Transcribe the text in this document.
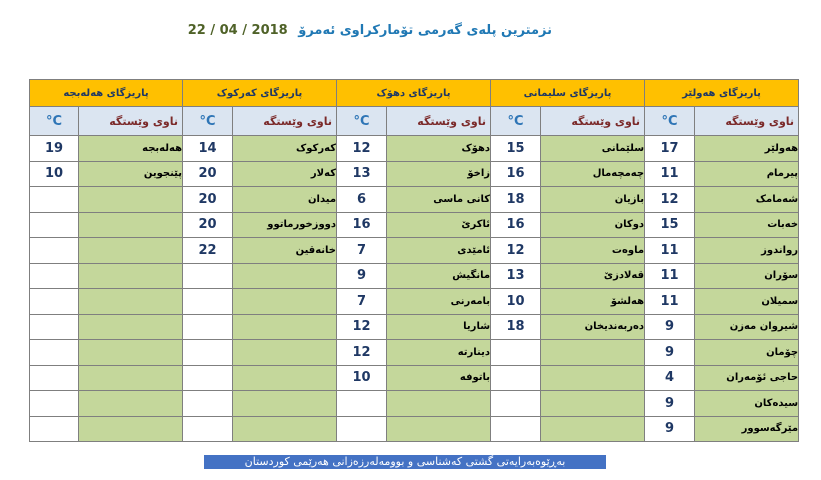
نزمترین پلەی گەرمی تۆمارکراوی ئەمرۆ 22 / 04 / 2018
پاریزگای هەولێر		پاریزگای سلیمانی		پاریزگای دهۆک		پاریزگای کەرکوک		پاریزگای هەلەبجە	
ناوی وێستگە	C°	ناوی وێستگە	C°	ناوی وێستگە	C°	ناوی وێستگە	C°	ناوی وێستگە	C°
هەولێر	17	سلێمانی	15	دهۆک	12	کەرکوک	14	هەلەبجە	19
پیرمام	11	چەمچەمال	16	زاخۆ	13	کەلار	20	پێنجوین	10
شەمامک	12	بازیان	18	کانی ماسی	6	میدان	20		
خەبات	15	دوکان	16	ئاکرێ	16	دووزخورماتوو	20		
رواندوز	11	ماوەت	12	ئامێدی	7	خانەقین	22		
سۆران	11	قەلادزێ	13	مانگیش	9				
سمیلان	11	هەلشۆ	10	بامەرنی	7				
شیروان مەزن	9	دەربەندیخان	18	شاریا	12				
چۆمان	9			دینارتە	12				
حاجی ئۆمەران	4			باتوفە	10				
سیدەکان	9								
مێرگەسوور	9								
بەڕێوەبەرایەتی گشتی کەشناسی و بوومەلەرزەزانی هەرێمی کوردستان
